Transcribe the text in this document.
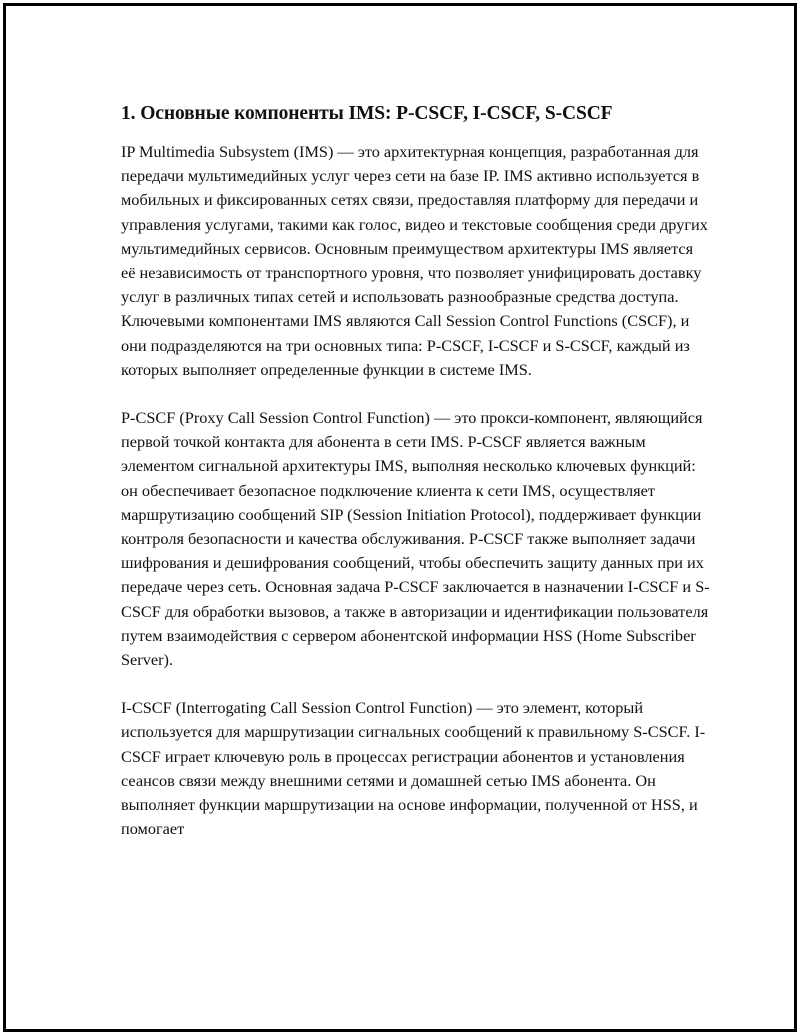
1. Основные компоненты IMS: P-CSCF, I-CSCF, S-CSCF

IP Multimedia Subsystem (IMS) — это архитектурная концепция, разработанная для передачи мультимедийных услуг через сети на базе IP. IMS активно используется в мобильных и фиксированных сетях связи, предоставляя платформу для передачи и управления услугами, такими как голос, видео и текстовые сообщения среди других мультимедийных сервисов. Основным преимуществом архитектуры IMS является её независимость от транспортного уровня, что позволяет унифицировать доставку услуг в различных типах сетей и использовать разнообразные средства доступа. Ключевыми компонентами IMS являются Call Session Control Functions (CSCF), и они подразделяются на три основных типа: P-CSCF, I-CSCF и S-CSCF, каждый из которых выполняет определенные функции в системе IMS.

P-CSCF (Proxy Call Session Control Function) — это прокси-компонент, являющийся первой точкой контакта для абонента в сети IMS. P-CSCF является важным элементом сигнальной архитектуры IMS, выполняя несколько ключевых функций: он обеспечивает безопасное подключение клиента к сети IMS, осуществляет маршрутизацию сообщений SIP (Session Initiation Protocol), поддерживает функции контроля безопасности и качества обслуживания. P-CSCF также выполняет задачи шифрования и дешифрования сообщений, чтобы обеспечить защиту данных при их передаче через сеть. Основная задача P-CSCF заключается в назначении I-CSCF и S-CSCF для обработки вызовов, а также в авторизации и идентификации пользователя путем взаимодействия с сервером абонентской информации HSS (Home Subscriber Server).

I-CSCF (Interrogating Call Session Control Function) — это элемент, который используется для маршрутизации сигнальных сообщений к правильному S-CSCF. I-CSCF играет ключевую роль в процессах регистрации абонентов и установления сеансов связи между внешними сетями и домашней сетью IMS абонента. Он выполняет функции маршрутизации на основе информации, полученной от HSS, и помогает
